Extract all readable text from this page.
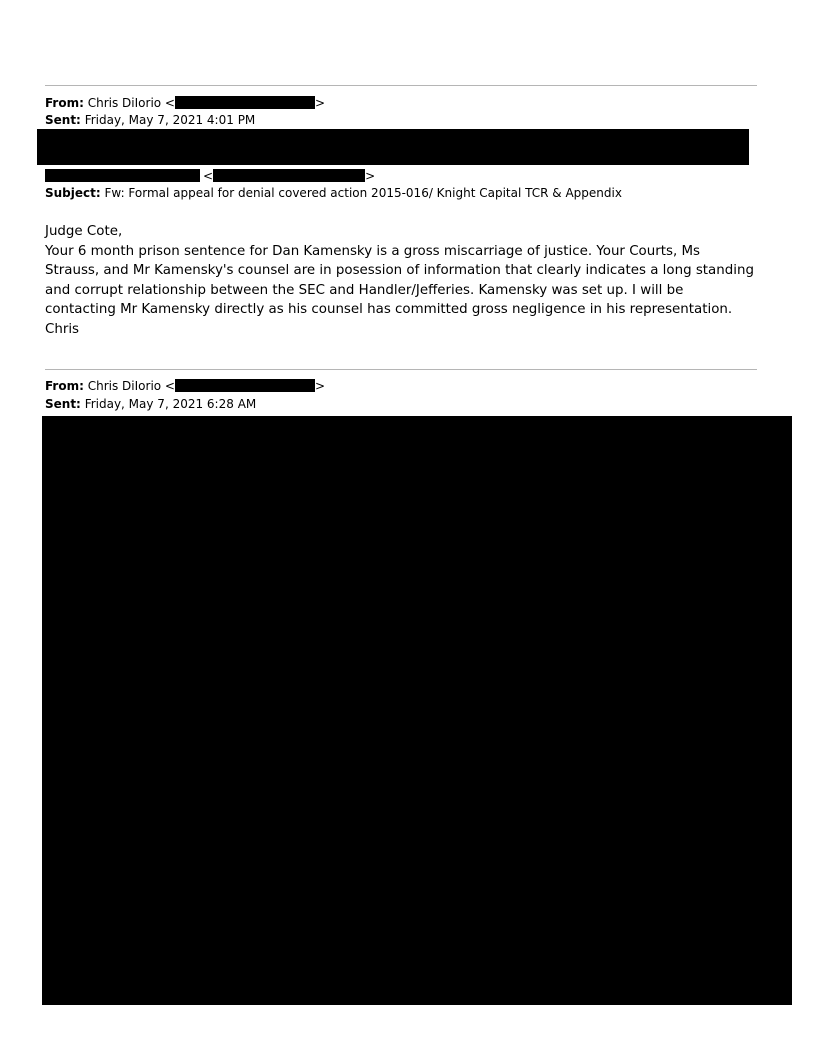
From: Chris DiIorio <	>
Sent: Friday, May 7, 2021 4:01 PM
<	>
Subject: Fw: Formal appeal for denial covered action 2015-016/ Knight Capital TCR & Appendix

Judge Cote,

Your 6 month prison sentence for Dan Kamensky is a gross miscarriage of justice. Your Courts, Ms Strauss, and Mr Kamensky's counsel are in posession of information that clearly indicates a long standing and corrupt relationship between the SEC and Handler/Jefferies. Kamensky was set up. I will be contacting Mr Kamensky directly as his counsel has committed gross negligence in his representation.

Chris

From: Chris DiIorio <	>
Sent: Friday, May 7, 2021 6:28 AM
